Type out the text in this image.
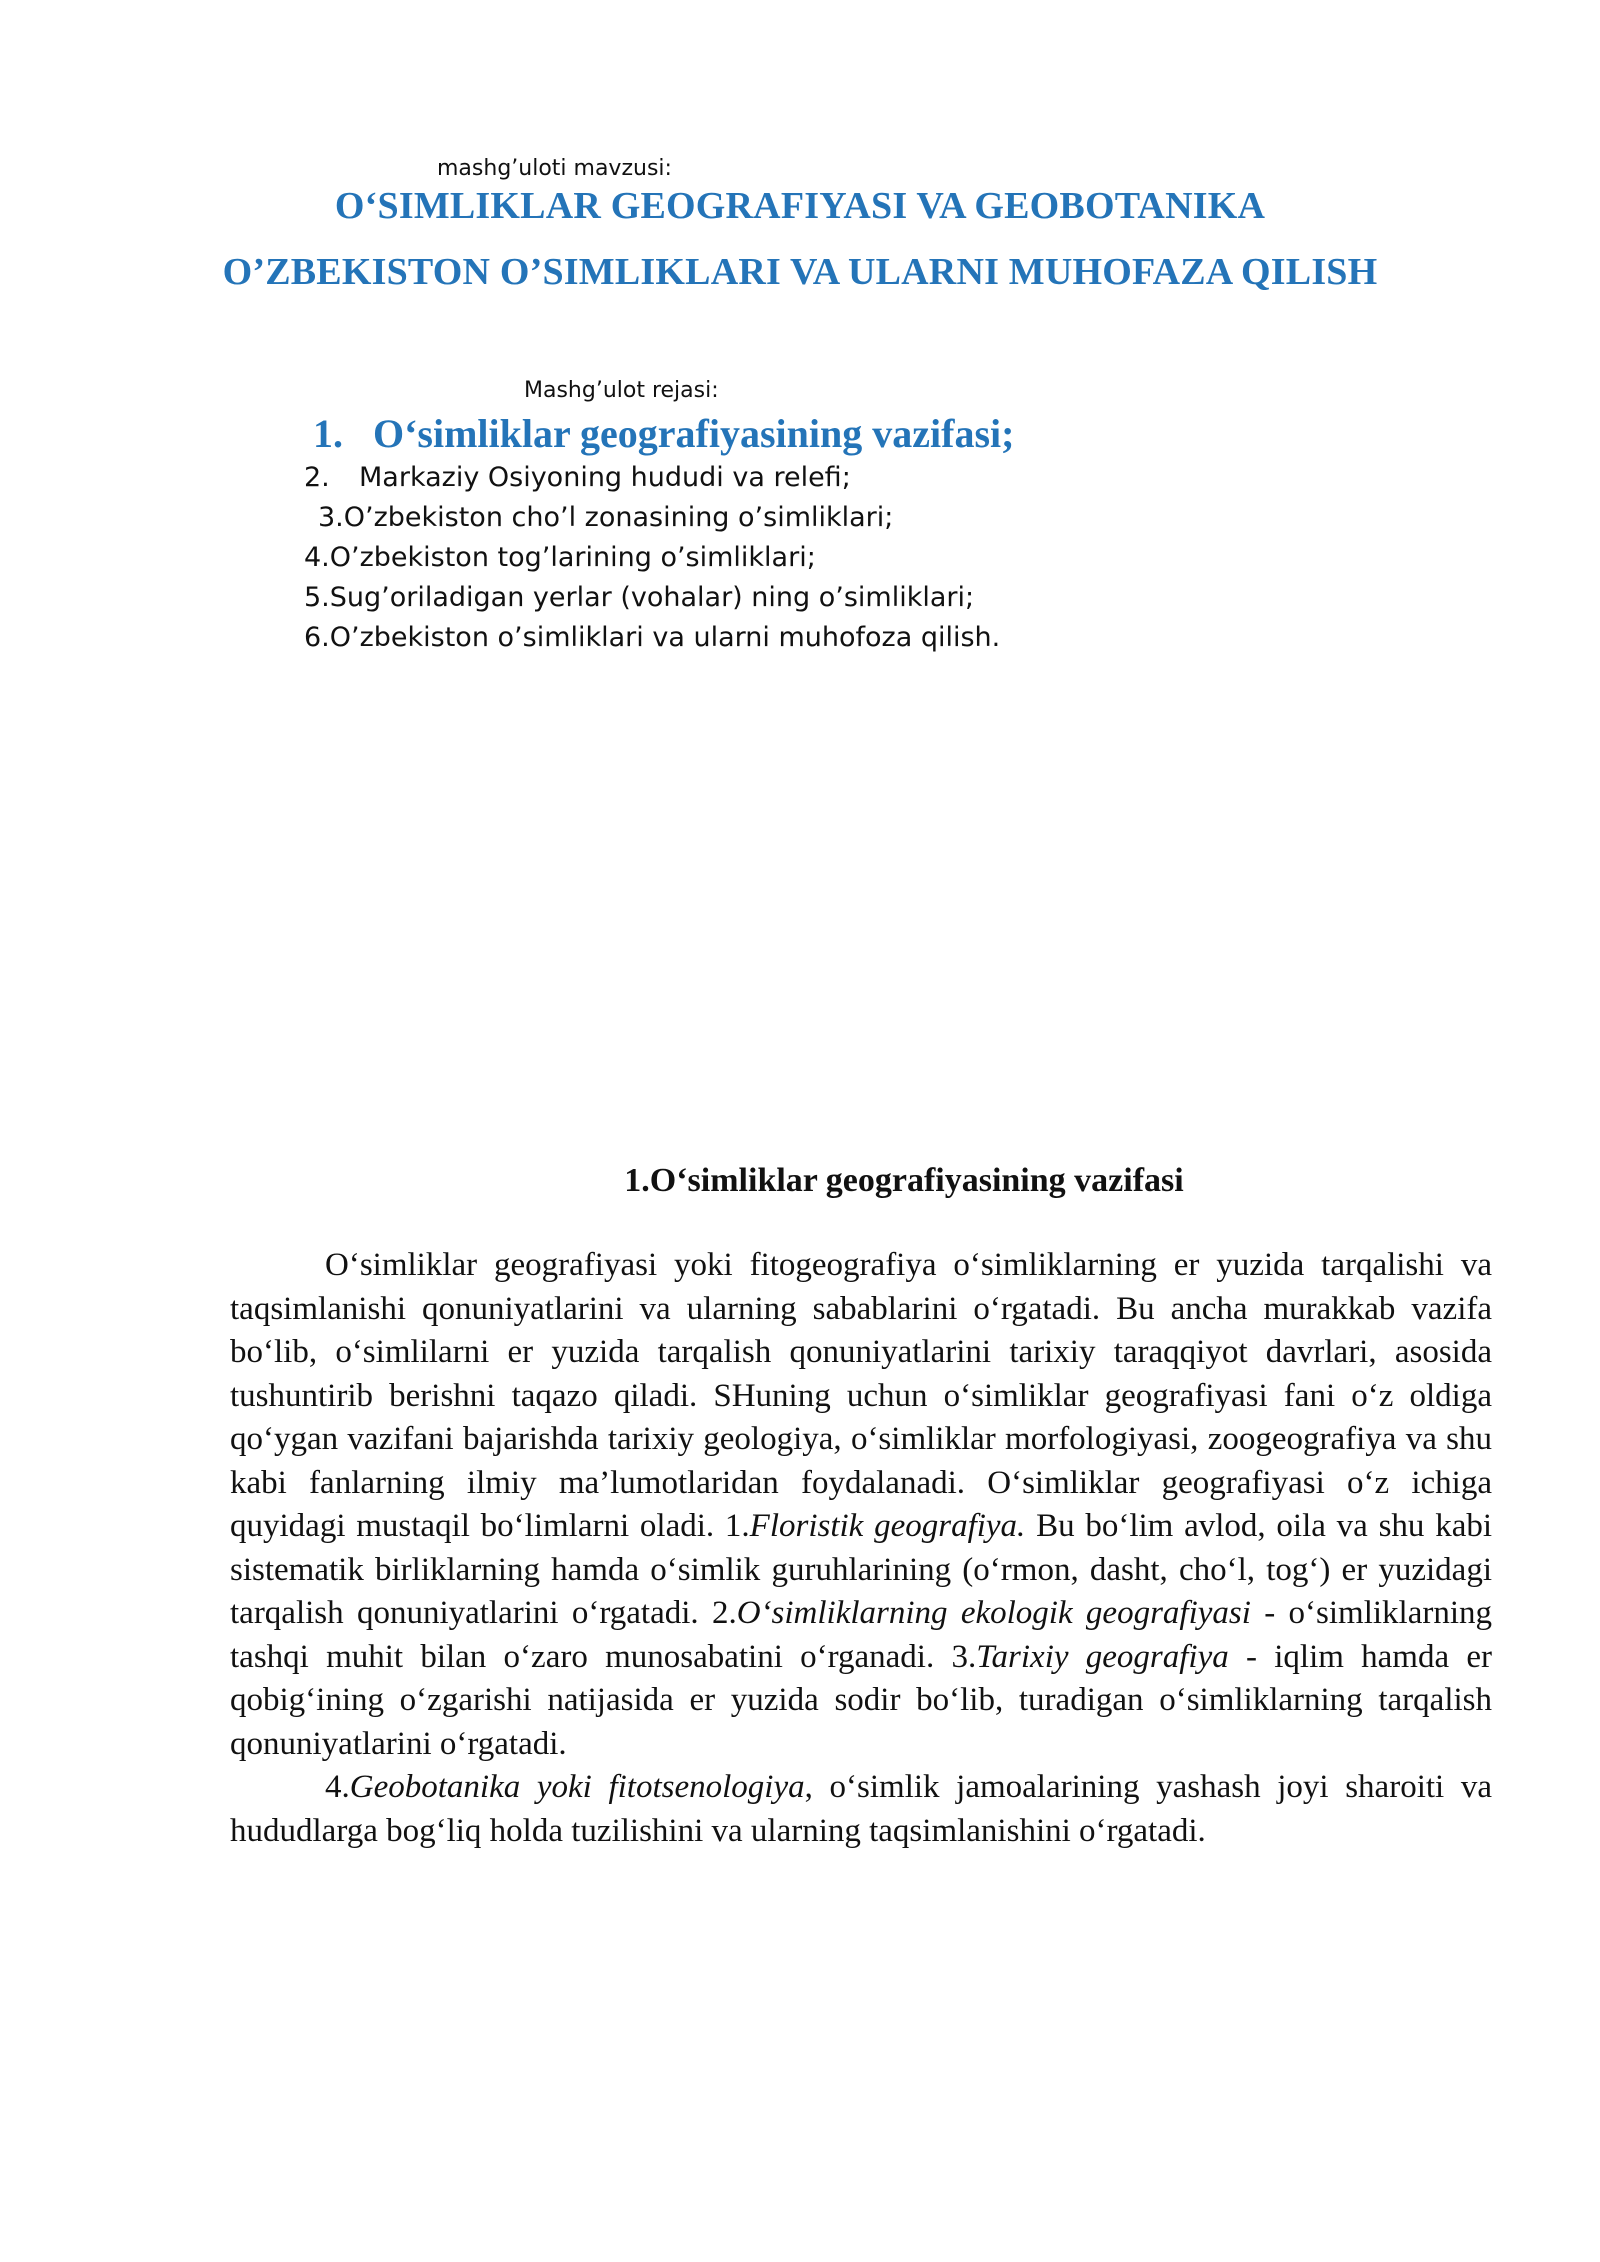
mashg’uloti mavzusi:
O‘SIMLIKLAR GEOGRAFIYASI VA GEOBOTANIKA
O’ZBEKISTON O’SIMLIKLARI VA ULARNI MUHOFAZA QILISH
Mashg’ulot rejasi:
1. O‘simliklar geografiyasining vazifasi;
2. Markaziy Osiyoning hududi va relefi;
3.O’zbekiston cho’l zonasining o’simliklari;
4.O’zbekiston tog’larining o’simliklari;
5.Sug’oriladigan yerlar (vohalar) ning o’simliklari;
6.O’zbekiston o’simliklari va ularni muhofoza qilish.
1.O‘simliklar geografiyasining vazifasi

O‘simliklar geografiyasi yoki fitogeografiya o‘simliklarning er yuzida tarqalishi va taqsimlanishi qonuniyatlarini va ularning sabablarini o‘rgatadi. Bu ancha murakkab vazifa bo‘lib, o‘simlilarni er yuzida tarqalish qonuniyatlarini tarixiy taraqqiyot davrlari, asosida tushuntirib berishni taqazo qiladi. SHuning uchun o‘simliklar geografiyasi fani o‘z oldiga qo‘ygan vazifani bajarishda tarixiy geologiya, o‘simliklar morfologiyasi, zoogeografiya va shu kabi fanlarning ilmiy ma’lumotlaridan foydalanadi. O‘simliklar geografiyasi o‘z ichiga quyidagi mustaqil bo‘limlarni oladi. 1.Floristik geografiya. Bu bo‘lim avlod, oila va shu kabi sistematik birliklarning hamda o‘simlik guruhlarining (o‘rmon, dasht, cho‘l, tog‘) er yuzidagi tarqalish qonuniyatlarini o‘rgatadi. 2.O‘simliklarning ekologik geografiyasi - o‘simliklarning tashqi muhit bilan o‘zaro munosabatini o‘rganadi. 3.Tarixiy geografiya - iqlim hamda er qobig‘ining o‘zgarishi natijasida er yuzida sodir bo‘lib, turadigan o‘simliklarning tarqalish qonuniyatlarini o‘rgatadi.

4.Geobotanika yoki fitotsenologiya, o‘simlik jamoalarining yashash joyi sharoiti va hududlarga bog‘liq holda tuzilishini va ularning taqsimlanishini o‘rgatadi.
